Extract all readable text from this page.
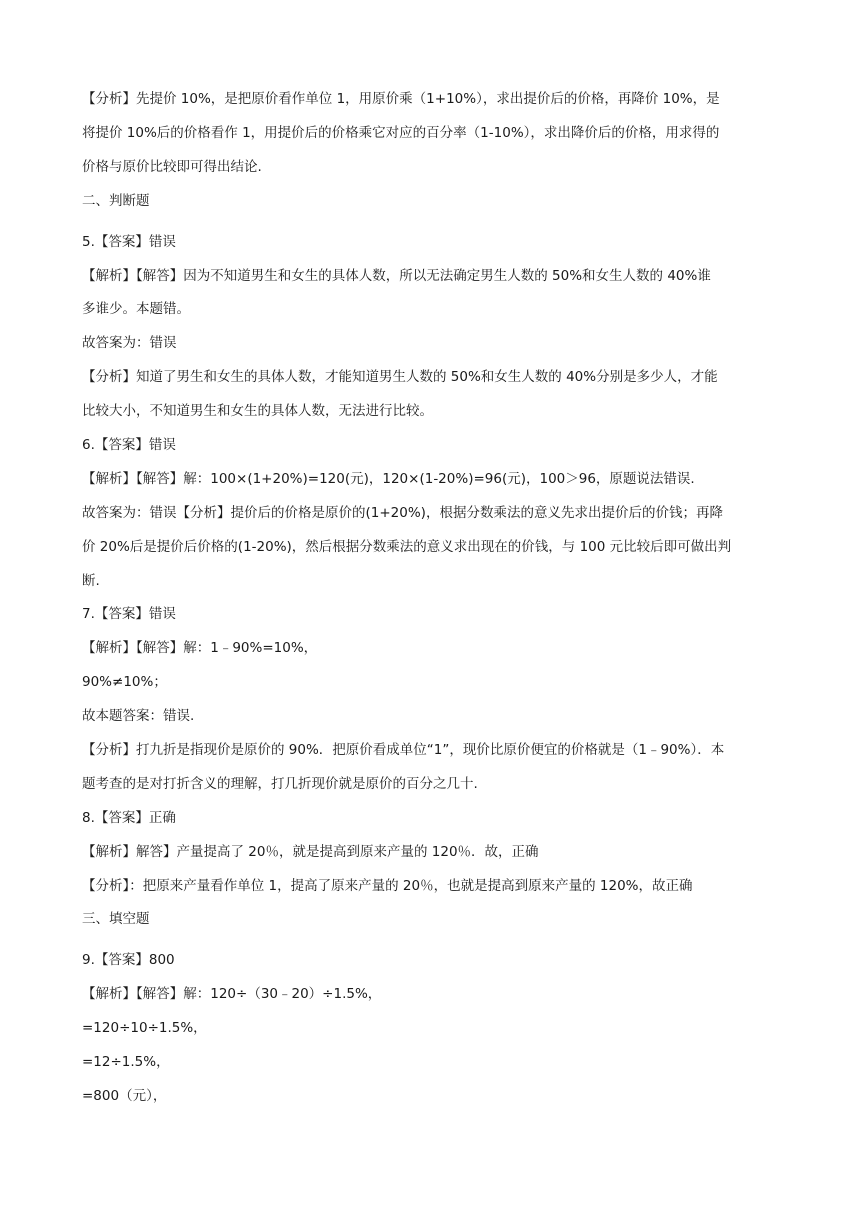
【分析】先提价 10%，是把原价看作单位 1，用原价乘（1+10%），求出提价后的价格，再降价 10%，是
将提价 10%后的价格看作 1，用提价后的价格乘它对应的百分率（1-10%），求出降价后的价格，用求得的
价格与原价比较即可得出结论.
二、判断题
5.【答案】错误
【解析】【解答】因为不知道男生和女生的具体人数，所以无法确定男生人数的 50%和女生人数的 40%谁
多谁少。本题错。
故答案为：错误
【分析】知道了男生和女生的具体人数，才能知道男生人数的 50%和女生人数的 40%分别是多少人，才能
比较大小，不知道男生和女生的具体人数，无法进行比较。
6.【答案】错误
【解析】【解答】解：100×(1+20%)=120(元)，120×(1-20%)=96(元)，100＞96，原题说法错误.
故答案为：错误【分析】提价后的价格是原价的(1+20%)，根据分数乘法的意义先求出提价后的价钱；再降
价 20%后是提价后价格的(1-20%)，然后根据分数乘法的意义求出现在的价钱，与 100 元比较后即可做出判
断.
7.【答案】错误
【解析】【解答】解：1﹣90%=10%，
90%≠10%；
故本题答案：错误.
【分析】打九折是指现价是原价的 90%．把原价看成单位“1”，现价比原价便宜的价格就是（1﹣90%）．本
题考查的是对打折含义的理解，打几折现价就是原价的百分之几十.
8.【答案】正确
【解析】解答】产量提高了 20％，就是提高到原来产量的 120％．故，正确
【分析】：把原来产量看作单位 1，提高了原来产量的 20％，也就是提高到原来产量的 120%，故正确
三、填空题
9.【答案】800
【解析】【解答】解：120÷（30﹣20）÷1.5%，
=120÷10÷1.5%，
=12÷1.5%，
=800（元），
